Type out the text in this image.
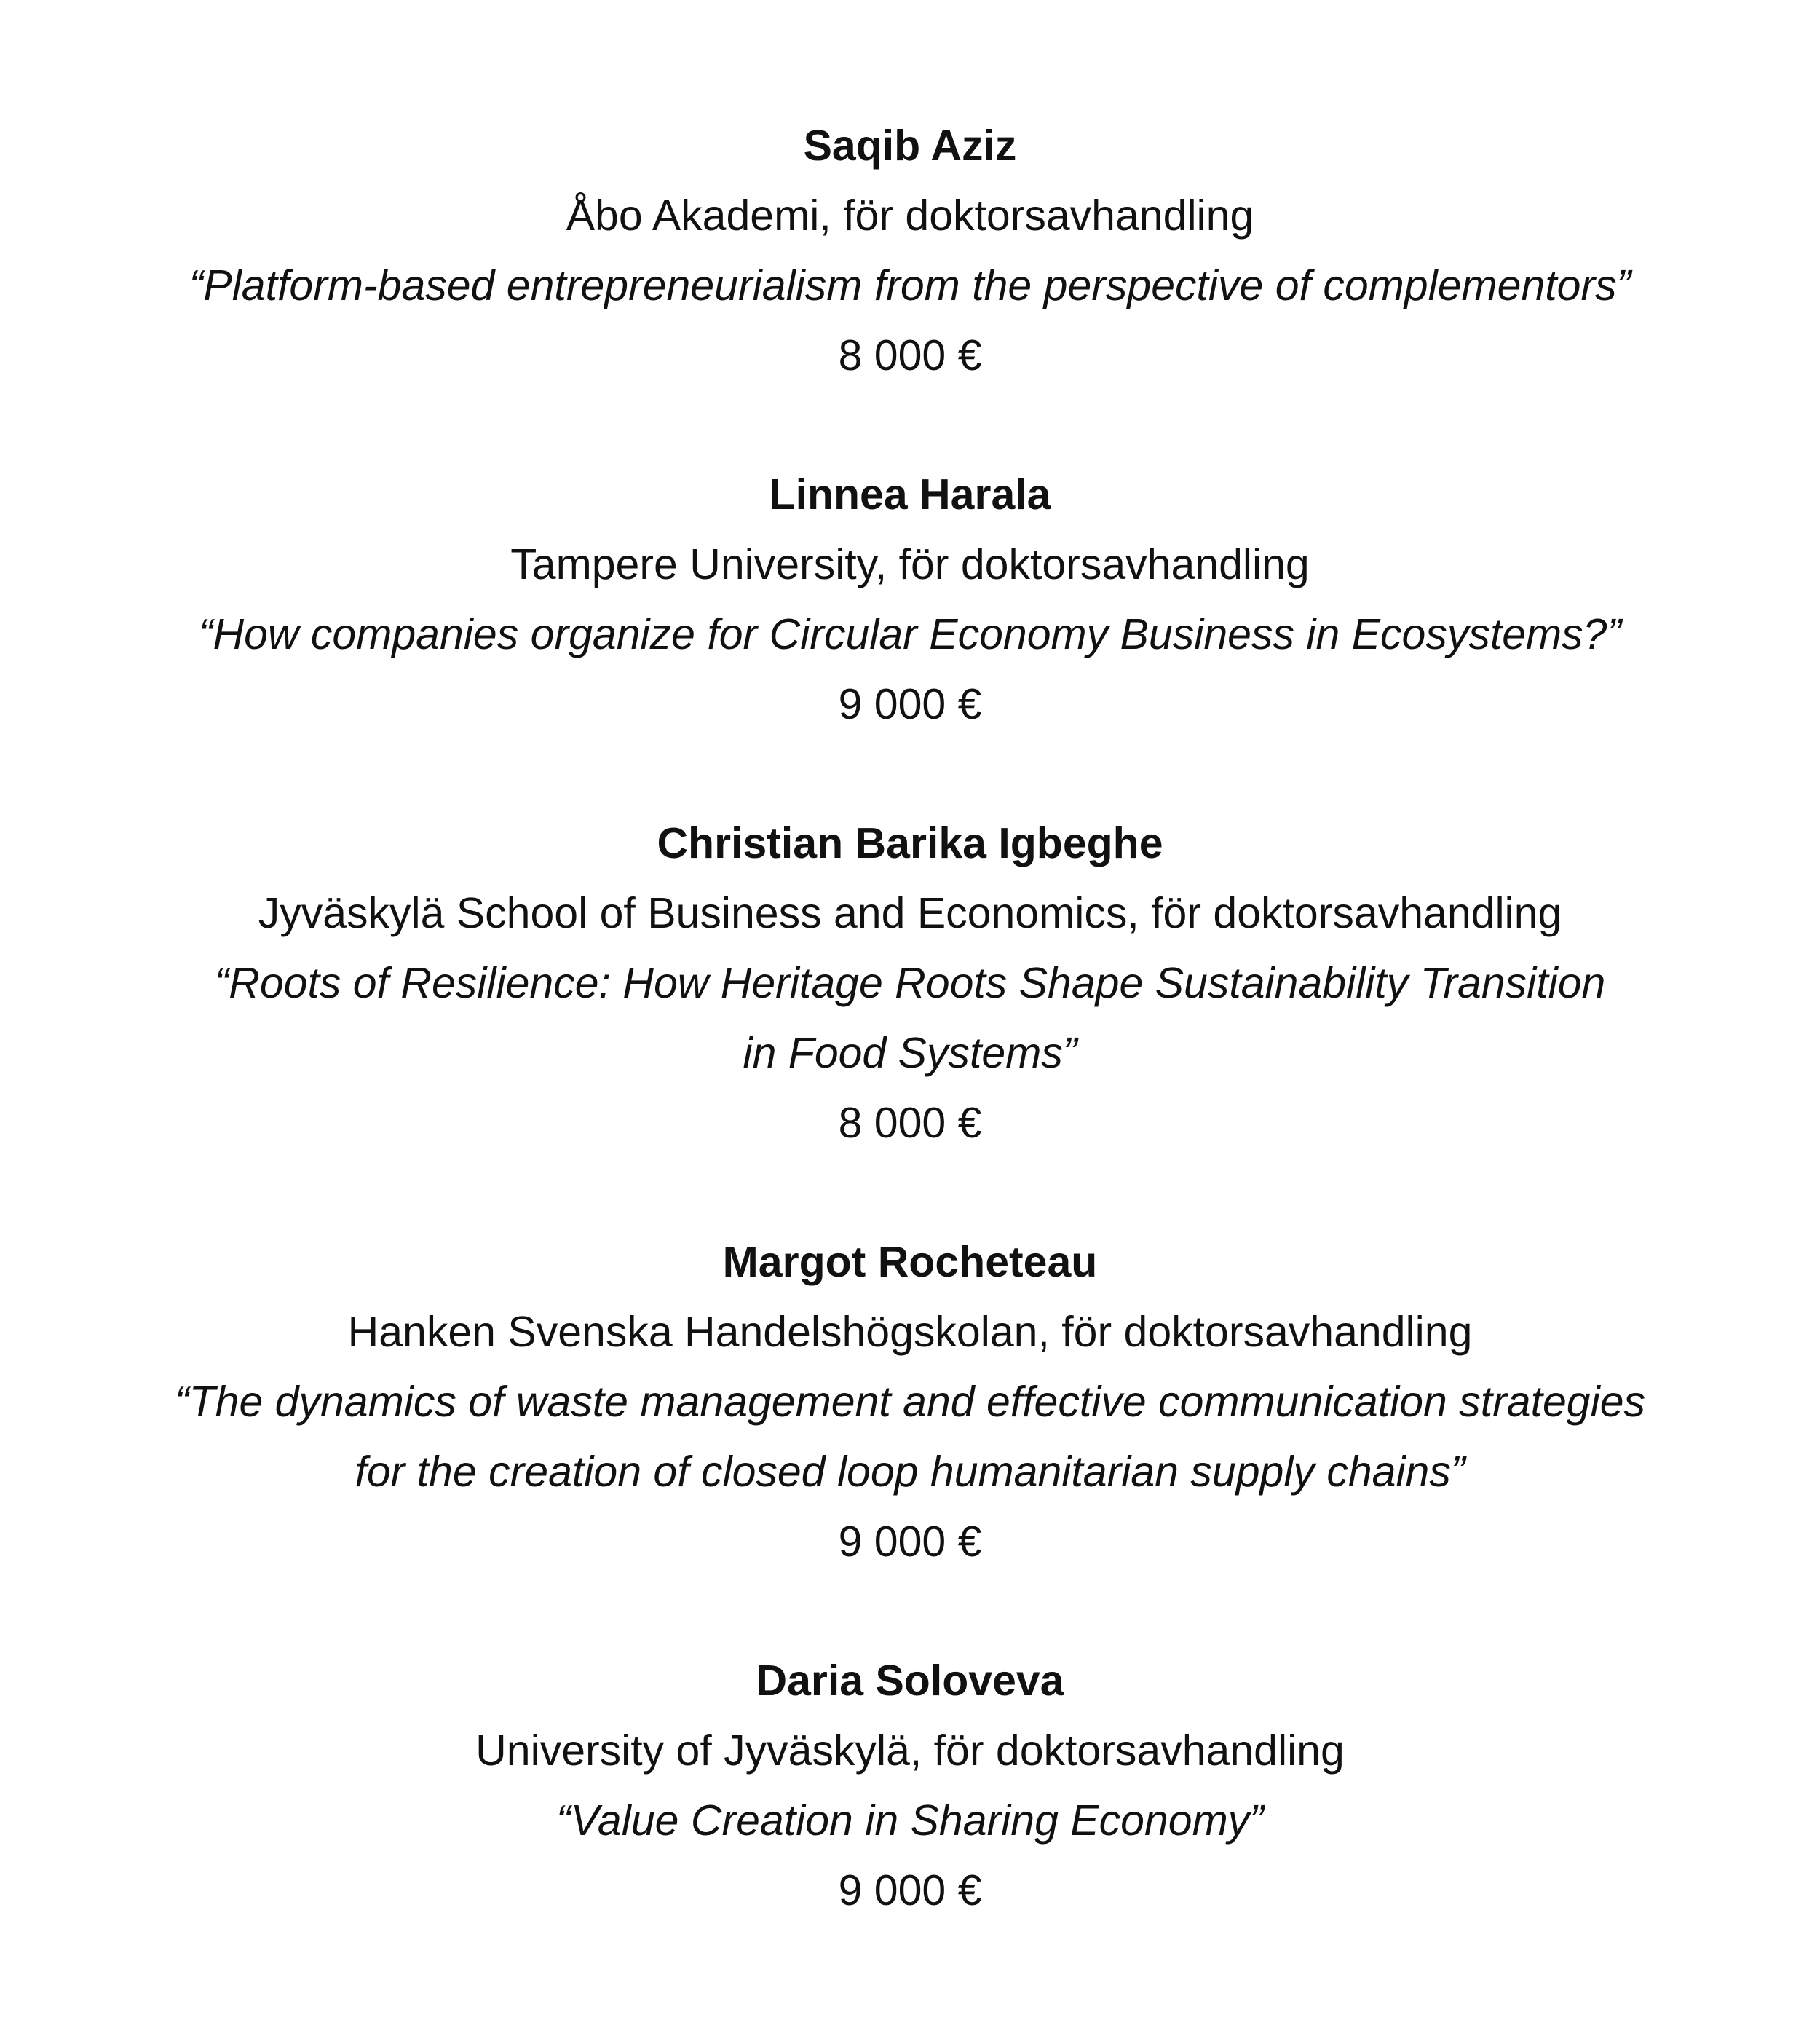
Saqib Aziz

Åbo Akademi, för doktorsavhandling

“Platform-based entrepreneurialism from the perspective of complementors”

8 000 €

Linnea Harala

Tampere University, för doktorsavhandling

“How companies organize for Circular Economy Business in Ecosystems?”

9 000 €

Christian Barika Igbeghe

Jyväskylä School of Business and Economics, för doktorsavhandling

“Roots of Resilience: How Heritage Roots Shape Sustainability Transition

in Food Systems”

8 000 €

Margot Rocheteau

Hanken Svenska Handelshögskolan, för doktorsavhandling

“The dynamics of waste management and effective communication strategies

for the creation of closed loop humanitarian supply chains”

9 000 €

Daria Soloveva

University of Jyväskylä, för doktorsavhandling

“Value Creation in Sharing Economy”

9 000 €
